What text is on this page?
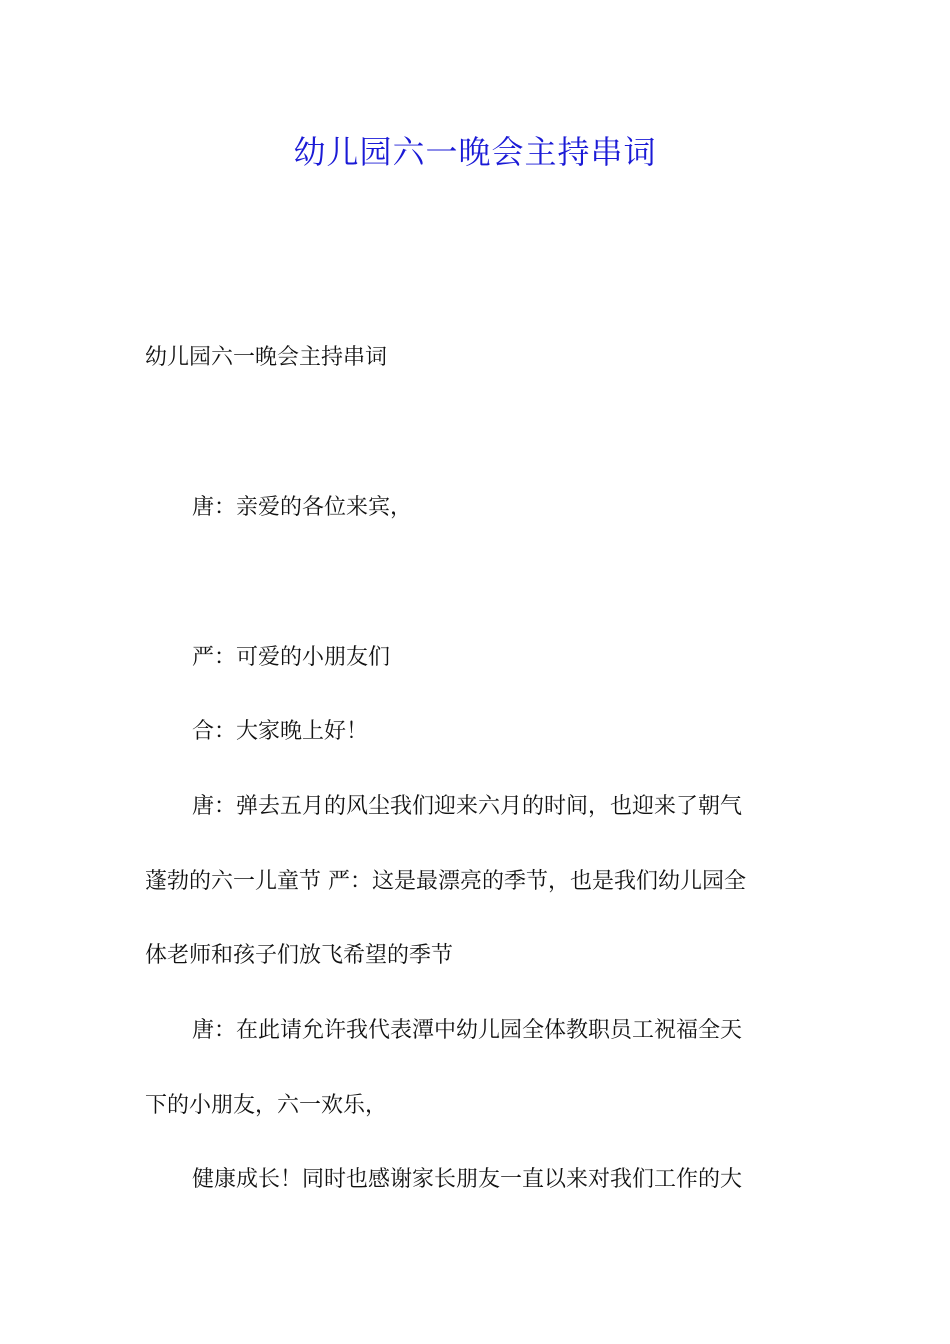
幼儿园六一晚会主持串词

幼儿园六一晚会主持串词

唐：亲爱的各位来宾，

严：可爱的小朋友们

合：大家晚上好！

唐：弹去五月的风尘我们迎来六月的时间，也迎来了朝气

蓬勃的六一儿童节 严：这是最漂亮的季节，也是我们幼儿园全

体老师和孩子们放飞希望的季节

唐：在此请允许我代表潭中幼儿园全体教职员工祝福全天

下的小朋友，六一欢乐，

健康成长！同时也感谢家长朋友一直以来对我们工作的大
